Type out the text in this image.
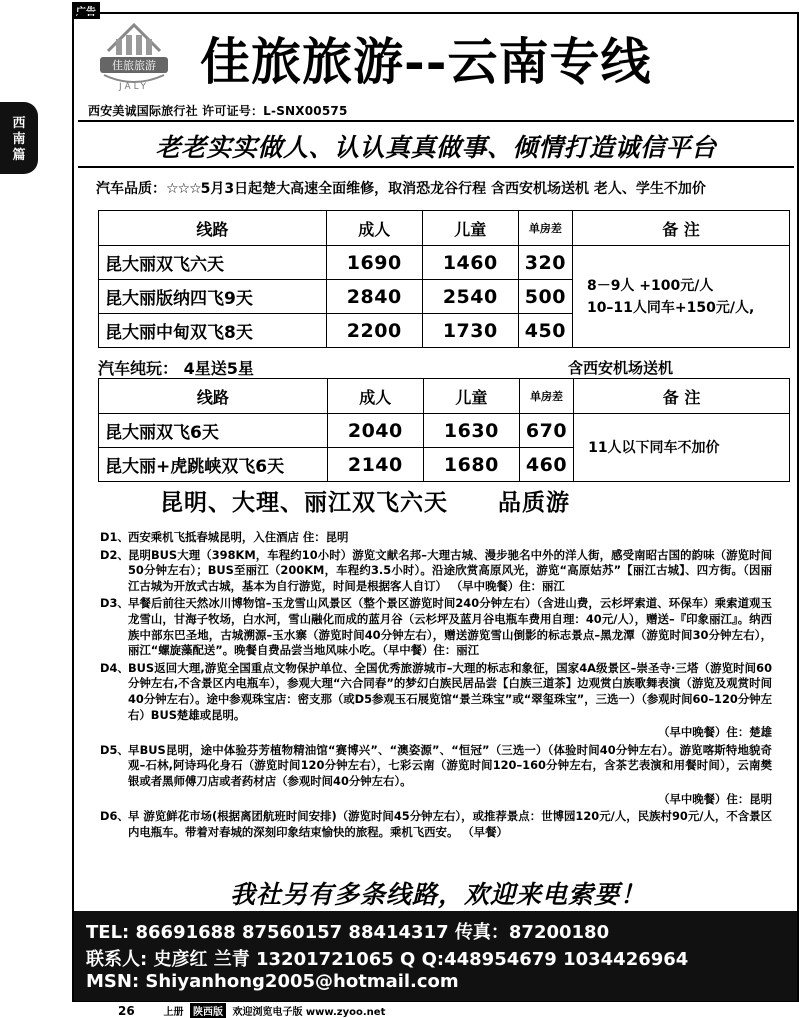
广告
西
南
篇
佳旅旅游
JALY 佳旅旅游--云南专线
西安美诚国际旅行社 许可证号：L-SNX00575
老老实实做人、认认真真做事、倾情打造诚信平台
汽车品质：☆☆☆5月3日起楚大高速全面维修，取消恐龙谷行程 含西安机场送机 老人、学生不加价
线路	成人	儿童	单房差	备 注
昆大丽双飞六天	1690	1460	320	8－9人 +100元/人
10–11人同车+150元/人,

昆大丽版纳四飞9天	2840	2540	500	
昆大丽中甸双飞8天	2200	1730	450	
汽车纯玩： 4星送5星	含西安机场送机
线路	成人	儿童	单房差	备 注
昆大丽双飞6天	2040	1630	670	11人以下同车不加价
昆大丽+虎跳峡双飞6天	2140	1680	460	
昆明、大理、丽江双飞六天 品质游
D1、 西安乘机飞抵春城昆明，入住酒店 住：昆明
D2、 昆明BUS大理（398KM，车程约10小时）游览文献名邦–大理古城、漫步驰名中外的洋人街，感受南昭古国的韵味（游览时间50分钟左右）；BUS至丽江（200KM，车程约3.5小时）。沿途欣赏高原风光，游览“高原姑苏”【丽江古城】、四方街。（因丽江古城为开放式古城，基本为自行游览，时间是根据客人自订） （早中晚餐）住：丽江
D3、 早餐后前往天然冰川博物馆–玉龙雪山风景区（整个景区游览时间240分钟左右）（含进山费，云杉坪索道、环保车）乘索道观玉龙雪山，甘海子牧场，白水河，雪山融化而成的蓝月谷（云杉坪及蓝月谷电瓶车费用自理：40元/人），赠送–『印象丽江』。纳西族中部东巴圣地，古城溯源–玉水寨（游览时间40分钟左右），赠送游览雪山倒影的标志景点–黑龙潭（游览时间30分钟左右），丽江“螺旋藻配送”。晚餐自费品尝当地风味小吃。（早中餐）住：丽江
D4、 BUS返回大理,游览全国重点文物保护单位、全国优秀旅游城市–大理的标志和象征，国家4A级景区–崇圣寺·三塔（游览时间60分钟左右,不含景区内电瓶车），参观大理“六合同春”的梦幻白族民居品尝【白族三道茶】边观赏白族歌舞表演（游览及观赏时间40分钟左右）。途中参观珠宝店：密支那（或D5参观玉石展览馆“景兰珠宝”或“翠玺珠宝”，三选一）（参观时间60–120分钟左右）BUS楚雄或昆明。
（早中晚餐）住：楚雄
D5、 早BUS昆明，途中体验芬芳植物精油馆“赛博兴”、“澳姿源”、“恒冠”（三选一）（体验时间40分钟左右）。游览喀斯特地貌奇观–石林,阿诗玛化身石（游览时间120分钟左右），七彩云南（游览时间120–160分钟左右，含茶艺表演和用餐时间），云南樊银或者黑师傅刀店或者药材店（参观时间40分钟左右）。
（早中晚餐）住：昆明
D6、 早 游览鲜花市场(根据离团航班时间安排)（游览时间45分钟左右），或推荐景点：世博园120元/人，民族村90元/人，不含景区内电瓶车。带着对春城的深刻印象结束愉快的旅程。乘机飞西安。 （早餐）
我社另有多条线路，欢迎来电索要！
TEL: 86691688 87560157 88414317 传真：87200180
联系人: 史彦红 兰青 13201721065 Q Q:448954679 1034426964
MSN: Shiyanhong2005@hotmail.com
26	上册 陕西版 欢迎浏览电子版 www.zyoo.net
